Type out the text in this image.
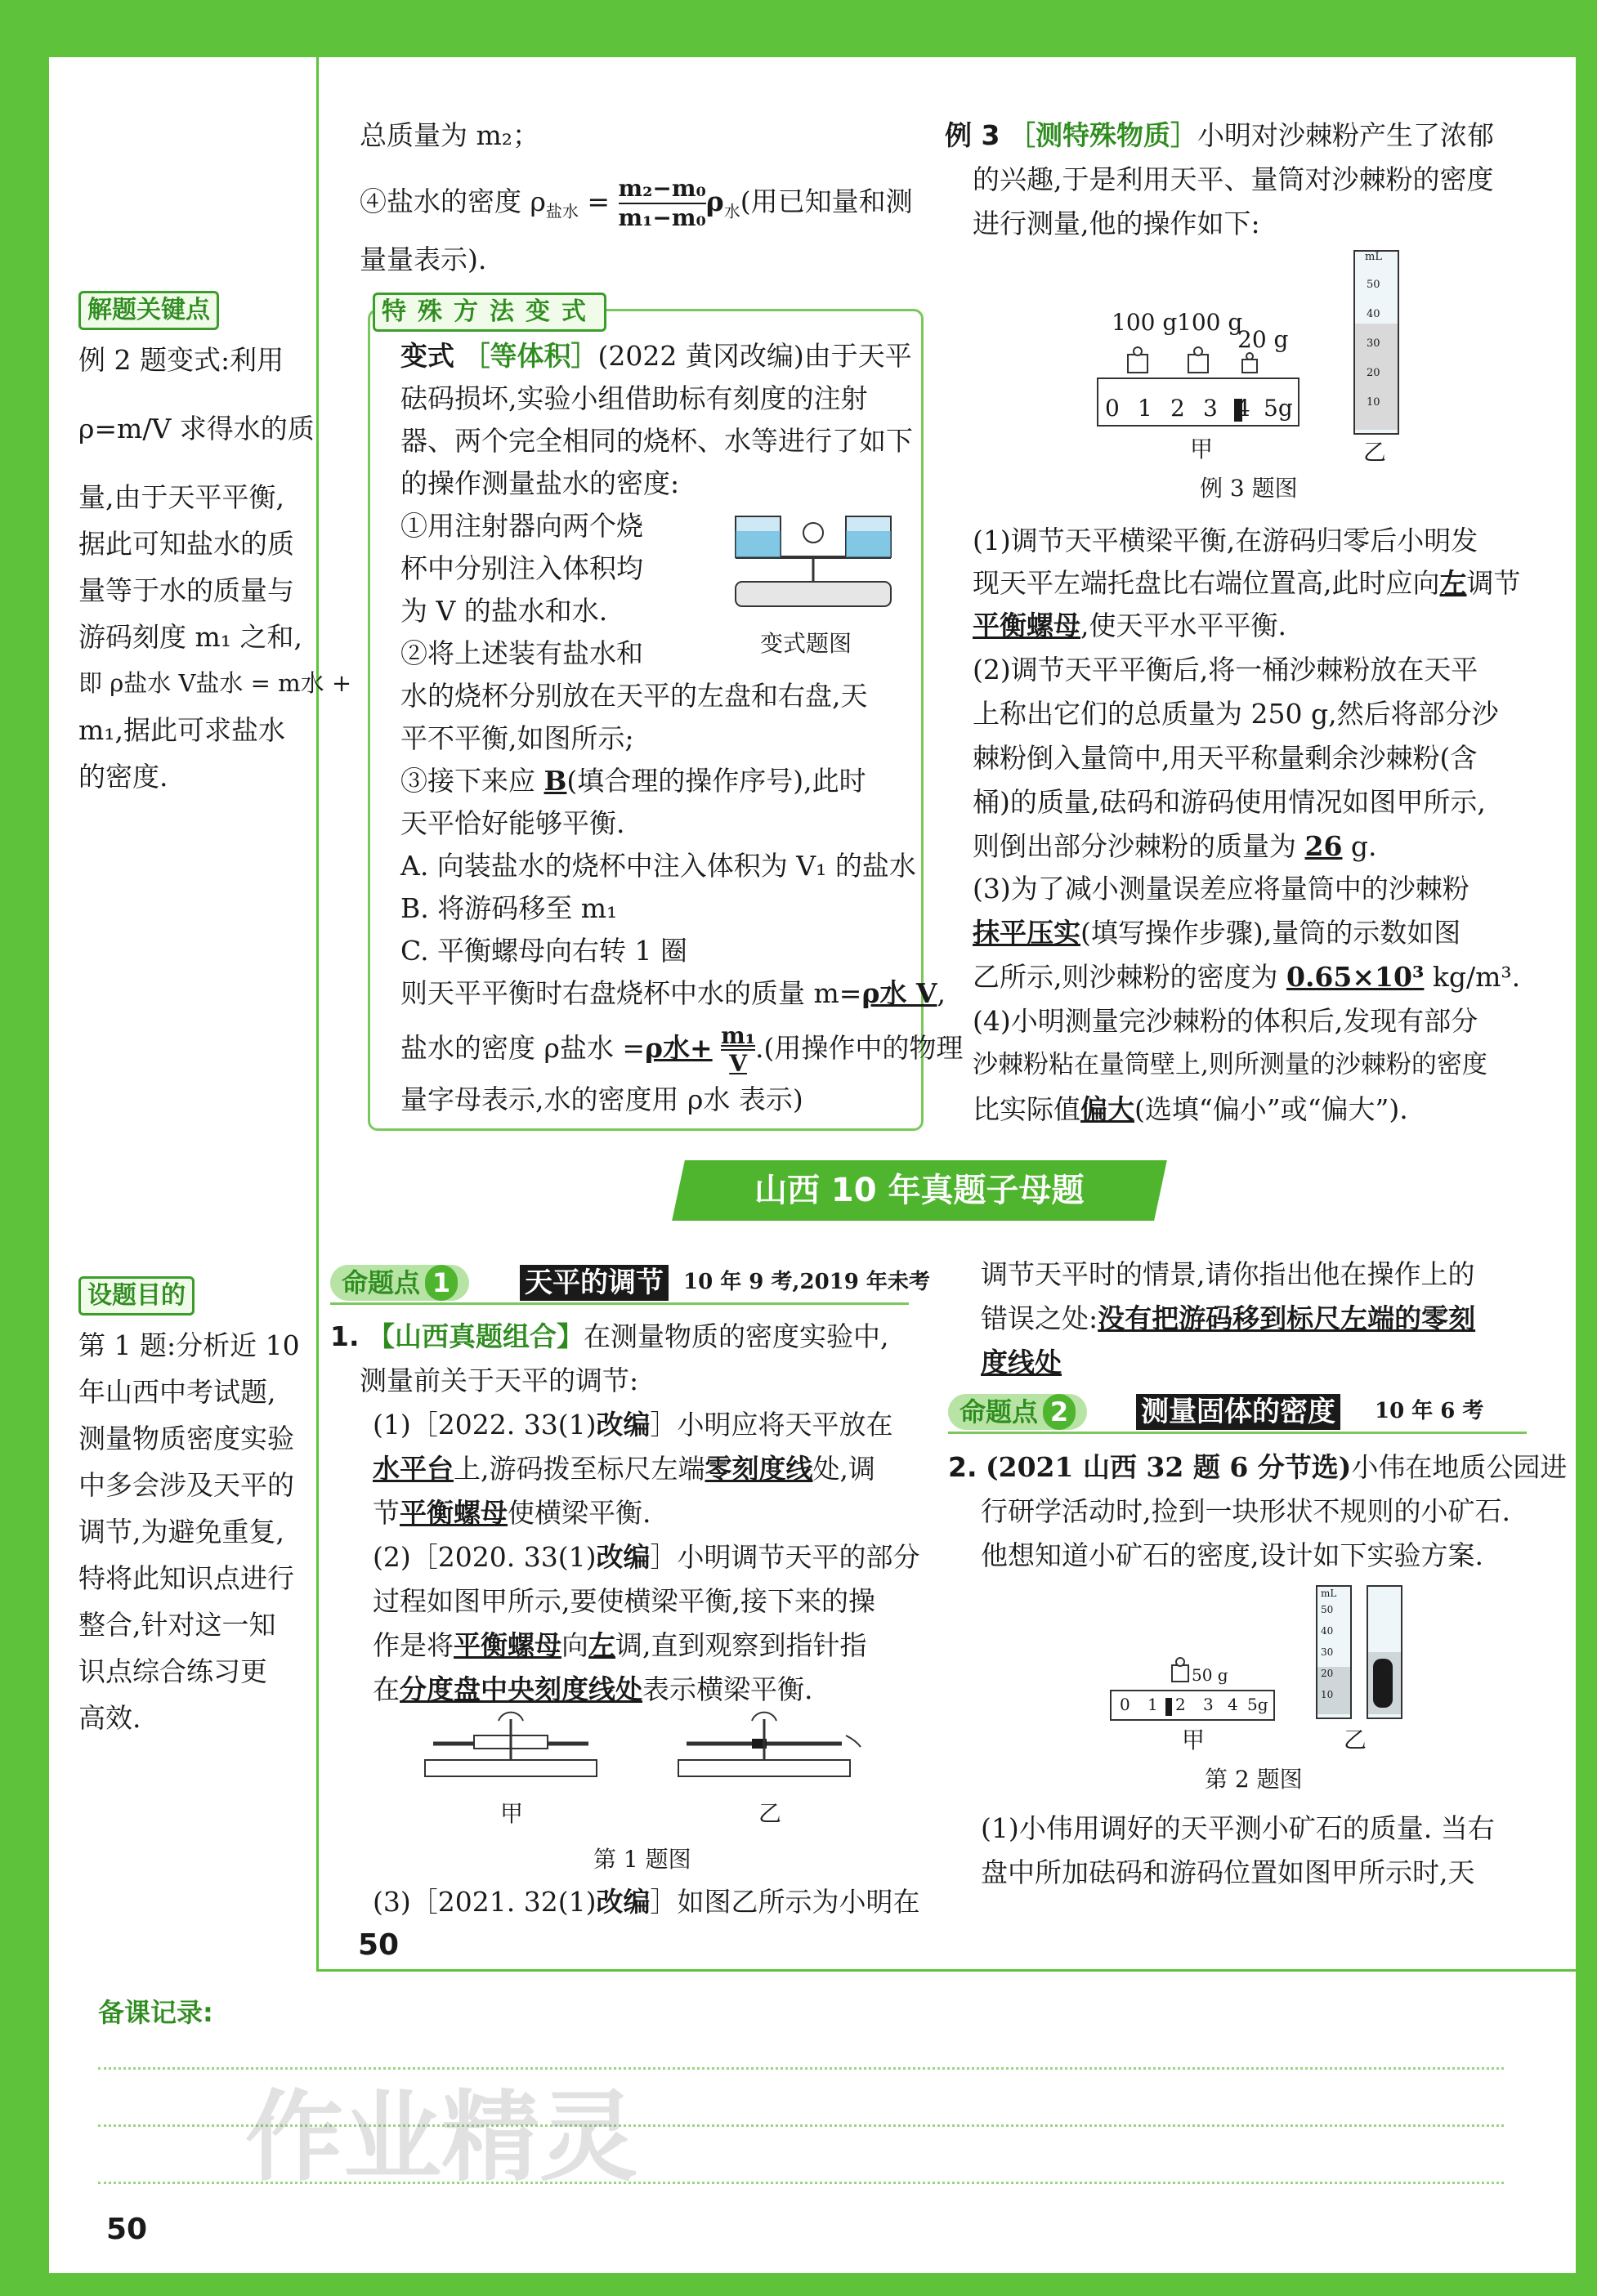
总质量为 m₂；
④盐水的密度 $\rho_{盐水} = \frac{\text{m₂−m₀}}{\text{m₁−m₀}} \rho_水$(用已知量和测
量量表示).
特殊方法变式
变式 ［等体积］(2022 黄冈改编)由于天平
砝码损坏,实验小组借助标有刻度的注射
器、两个完全相同的烧杯、水等进行了如下
的操作测量盐水的密度:
①用注射器向两个烧
杯中分别注入体积均
为 V 的盐水和水.
②将上述装有盐水和	变式题图
水的烧杯分别放在天平的左盘和右盘,天
平不平衡,如图所示;
③接下来应 B(填合理的操作序号),此时
天平恰好能够平衡.
A. 向装盐水的烧杯中注入体积为 V₁ 的盐水
B. 将游码移至 m₁
C. 平衡螺母向右转 1 圈
则天平平衡时右盘烧杯中水的质量 m=ρ水 V,
盐水的密度 ρ盐水 =ρ水+ $\frac{\text{m₁}}{V}$ .(用操作中的物理
量字母表示,水的密度用 ρ水 表示)
解题关键点
例 2 题变式:利用
ρ=m/V 求得水的质
量,由于天平平衡,
据此可知盐水的质
量等于水的质量与
游码刻度 m₁ 之和,
即 ρ盐水 V盐水 = m水 +
m₁,据此可求盐水
的密度.
例 3 ［测特殊物质］小明对沙棘粉产生了浓郁
的兴趣,于是利用天平、量筒对沙棘粉的密度
进行测量,他的操作如下:
100 g 100 g
20 g
0 1 2 3 4 5g
甲
mL
50
40
30
20
10
乙
例 3 题图
(1)调节天平横梁平衡,在游码归零后小明发
现天平左端托盘比右端位置高,此时应向左调节
平衡螺母,使天平水平平衡.
(2)调节天平平衡后,将一桶沙棘粉放在天平
上称出它们的总质量为 250 g,然后将部分沙
棘粉倒入量筒中,用天平称量剩余沙棘粉(含
桶)的质量,砝码和游码使用情况如图甲所示,
则倒出部分沙棘粉的质量为 26 g.
(3)为了减小测量误差应将量筒中的沙棘粉
抹平压实(填写操作步骤),量筒的示数如图
乙所示,则沙棘粉的密度为 0.65×10³ kg/m³.
(4)小明测量完沙棘粉的体积后,发现有部分
沙棘粉粘在量筒壁上,则所测量的沙棘粉的密度
比实际值偏大(选填“偏小”或“偏大”).
山西 10 年真题子母题
设题目的
第 1 题:分析近 10
年山西中考试题,
测量物质密度实验
中多会涉及天平的
调节,为避免重复,
特将此知识点进行
整合,针对这一知
识点综合练习更
高效.
命题点 1	天平的调节 10 年 9 考,2019 年未考
1. 【山西真题组合】在测量物质的密度实验中,
测量前关于天平的调节:
(1)［2022. 33(1)改编］小明应将天平放在
水平台上,游码拨至标尺左端零刻度线处,调
节平衡螺母使横梁平衡.
(2)［2020. 33(1)改编］小明调节天平的部分
过程如图甲所示,要使横梁平衡,接下来的操
作是将平衡螺母向左调,直到观察到指针指
在分度盘中央刻度线处表示横梁平衡.
甲	乙
第 1 题图
(3)［2021. 32(1)改编］如图乙所示为小明在
调节天平时的情景,请你指出他在操作上的
错误之处:没有把游码移到标尺左端的零刻
度线处
命题点 2	测量固体的密度 10 年 6 考
2. (2021 山西 32 题 6 分节选)小伟在地质公园进
行研学活动时,捡到一块形状不规则的小矿石.
他想知道小矿石的密度,设计如下实验方案.
50 g
0 1 2 3 4 5g
甲
mL
50
40
30
20
10
乙
第 2 题图
(1)小伟用调好的天平测小矿石的质量. 当右
盘中所加砝码和游码位置如图甲所示时,天
50
备课记录:
50
作业精灵
